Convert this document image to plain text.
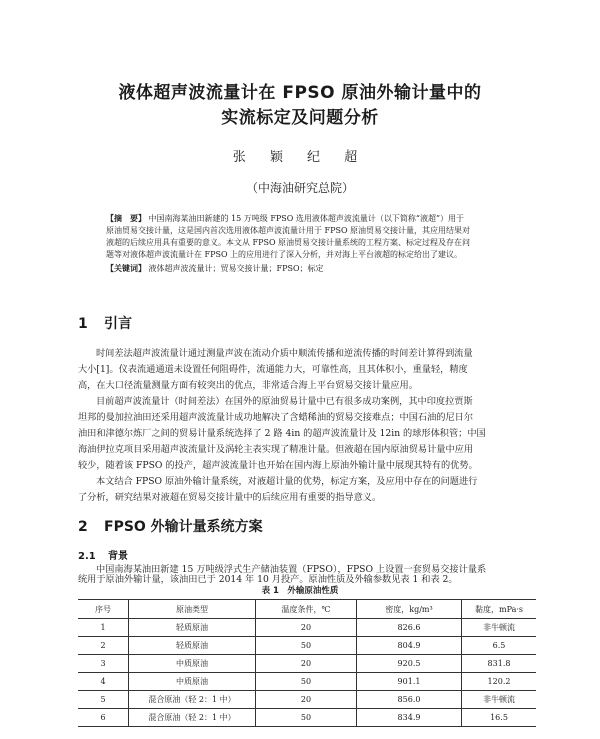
液体超声波流量计在 FPSO 原油外输计量中的
实流标定及问题分析
张 颖 纪 超
（中海油研究总院）
【摘　要】 中国南海某油田新建的 15 万吨级 FPSO 选用液体超声波流量计（以下简称“液超”）用于
原油贸易交接计量，这是国内首次选用液体超声波流量计用于 FPSO 原油贸易交接计量，其应用结果对
液超的后续应用具有重要的意义。本文从 FPSO 原油贸易交接计量系统的工程方案、标定过程及存在问
题等对液体超声波流量计在 FPSO 上的应用进行了深入分析，并对海上平台液超的标定给出了建议。
【关键词】 液体超声波流量计；贸易交接计量；FPSO；标定
1 引言
时间差法超声波流量计通过测量声波在流动介质中顺流传播和逆流传播的时间差计算得到流量
大小[1]。仪表流通通道未设置任何阻碍件，流通能力大，可靠性高，且其体积小，重量轻，精度
高，在大口径流量测量方面有较突出的优点，非常适合海上平台贸易交接计量应用。
目前超声波流量计（时间差法）在国外的原油贸易计量中已有很多成功案例，其中印度拉贾斯
坦邦的曼加拉油田还采用超声波流量计成功地解决了含蜡稀油的贸易交接难点；中国石油的尼日尔
油田和津德尔炼厂之间的贸易计量系统选择了 2 路 4in 的超声波流量计及 12in 的球形体积管；中国
海油伊拉克项目采用超声波流量计及涡轮主表实现了精准计量。但液超在国内原油贸易计量中应用
较少，随着该 FPSO 的投产，超声波流量计也开始在国内海上原油外输计量中展现其特有的优势。
本文结合 FPSO 原油外输计量系统，对液超计量的优势，标定方案，及应用中存在的问题进行
了分析，研究结果对液超在贸易交接计量中的后续应用有重要的指导意义。
2 FPSO 外输计量系统方案
2.1 背景
中国南海某油田新建 15 万吨级浮式生产储油装置（FPSO），FPSO 上设置一套贸易交接计量系
表 1　外输原油性质
序号	原油类型	温度条件，℃	密度，kg/m³	黏度，mPa·s
1	轻质原油	20	826.6	非牛顿流
2	轻质原油	50	804.9	6.5
3	中质原油	20	920.5	831.8
4	中质原油	50	901.1	120.2
5	混合原油（轻 2：1 中）	20	856.0	非牛顿流
6	混合原油（轻 2：1 中）	50	834.9	16.5
统用于原油外输计量，该油田已于 2014 年 10 月投产。原油性质及外输参数见表 1 和表 2。
